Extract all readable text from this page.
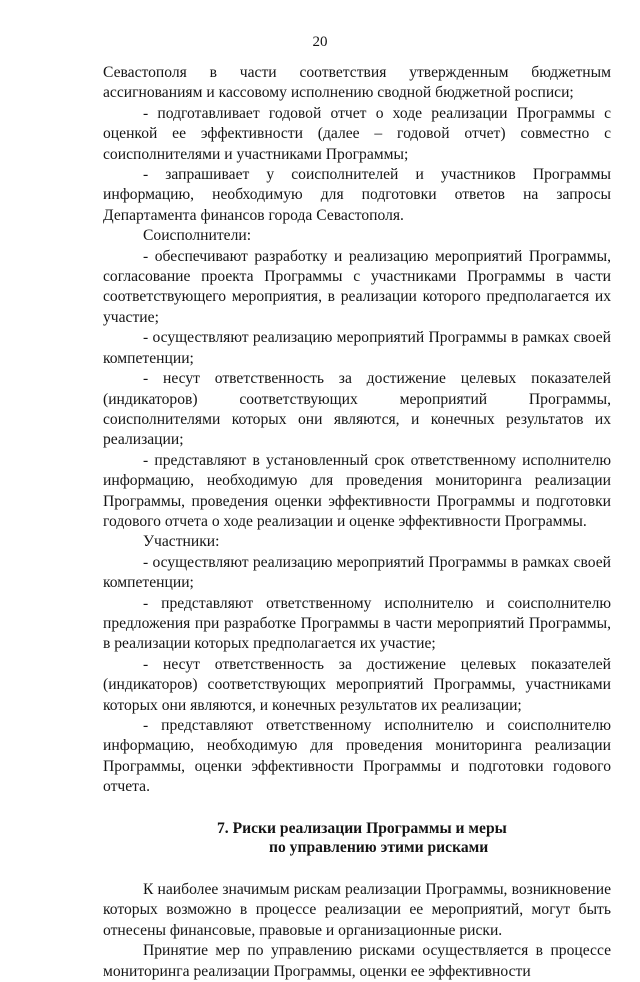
20

Севастополя в части соответствия утвержденным бюджетным ассигнованиям и кассовому исполнению сводной бюджетной росписи;

- подготавливает годовой отчет о ходе реализации Программы с оценкой ее эффективности (далее – годовой отчет) совместно с соисполнителями и участниками Программы;

- запрашивает у соисполнителей и участников Программы информацию, необходимую для подготовки ответов на запросы Департамента финансов города Севастополя.

Соисполнители:

- обеспечивают разработку и реализацию мероприятий Программы, согласование проекта Программы с участниками Программы в части соответствующего мероприятия, в реализации которого предполагается их участие;

- осуществляют реализацию мероприятий Программы в рамках своей компетенции;

- несут ответственность за достижение целевых показателей (индикаторов) соответствующих мероприятий Программы, соисполнителями которых они являются, и конечных результатов их реализации;

- представляют в установленный срок ответственному исполнителю информацию, необходимую для проведения мониторинга реализации Программы, проведения оценки эффективности Программы и подготовки годового отчета о ходе реализации и оценке эффективности Программы.

Участники:

- осуществляют реализацию мероприятий Программы в рамках своей компетенции;

- представляют ответственному исполнителю и соисполнителю предложения при разработке Программы в части мероприятий Программы, в реализации которых предполагается их участие;

- несут ответственность за достижение целевых показателей (индикаторов) соответствующих мероприятий Программы, участниками которых они являются, и конечных результатов их реализации;

- представляют ответственному исполнителю и соисполнителю информацию, необходимую для проведения мониторинга реализации Программы, оценки эффективности Программы и подготовки годового отчета.

7. Риски реализации Программы и меры

по управлению этими рисками

К наиболее значимым рискам реализации Программы, возникновение которых возможно в процессе реализации ее мероприятий, могут быть отнесены финансовые, правовые и организационные риски.

Принятие мер по управлению рисками осуществляется в процессе мониторинга реализации Программы, оценки ее эффективности
